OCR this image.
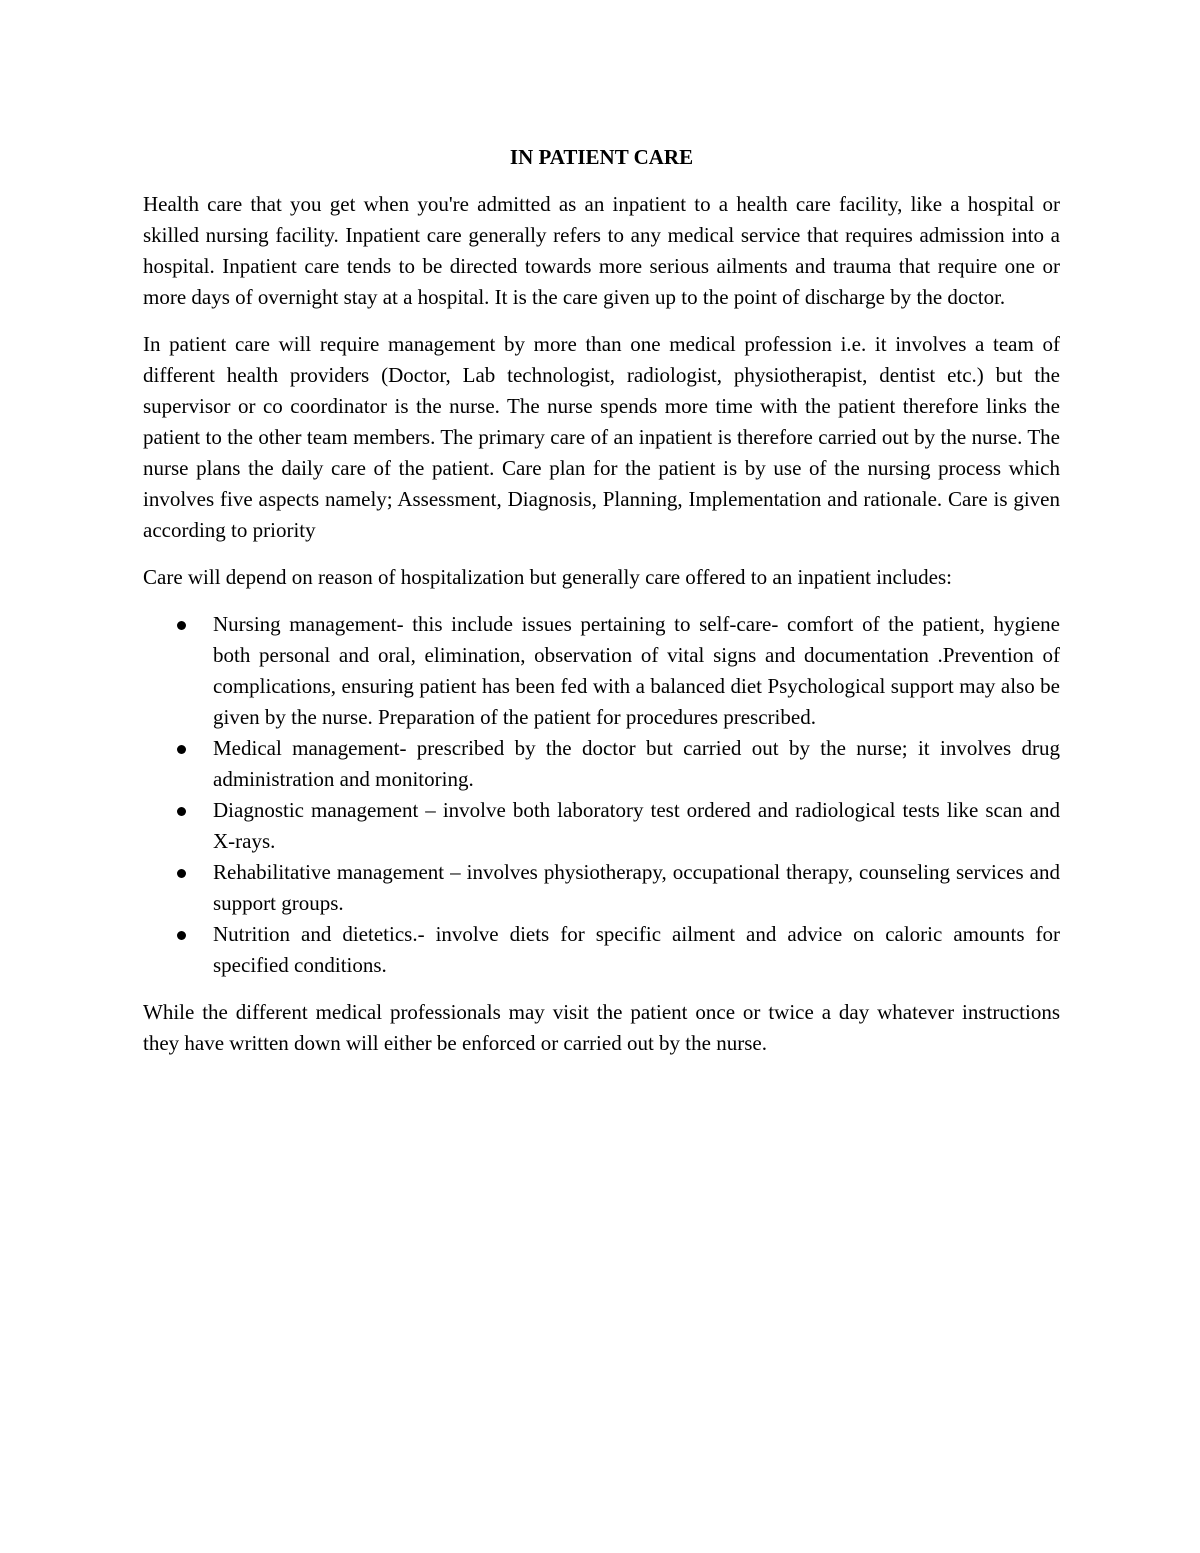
IN PATIENT CARE

Health care that you get when you're admitted as an inpatient to a health care facility, like a hospital or skilled nursing facility. Inpatient care generally refers to any medical service that requires admission into a hospital. Inpatient care tends to be directed towards more serious ailments and trauma that require one or more days of overnight stay at a hospital. It is the care given up to the point of discharge by the doctor.

In patient care will require management by more than one medical profession i.e. it involves a team of different health providers (Doctor, Lab technologist, radiologist, physiotherapist, dentist etc.) but the supervisor or co coordinator is the nurse. The nurse spends more time with the patient therefore links the patient to the other team members. The primary care of an inpatient is therefore carried out by the nurse. The nurse plans the daily care of the patient. Care plan for the patient is by use of the nursing process which involves five aspects namely; Assessment, Diagnosis, Planning, Implementation and rationale. Care is given according to priority

Care will depend on reason of hospitalization but generally care offered to an inpatient includes:

Nursing management- this include issues pertaining to self-care- comfort of the patient, hygiene both personal and oral, elimination, observation of vital signs and documentation .Prevention of complications, ensuring patient has been fed with a balanced diet Psychological support may also be given by the nurse. Preparation of the patient for procedures prescribed.
Medical management- prescribed by the doctor but carried out by the nurse; it involves drug administration and monitoring.
Diagnostic management – involve both laboratory test ordered and radiological tests like scan and X-rays.
Rehabilitative management – involves physiotherapy, occupational therapy, counseling services and support groups.
Nutrition and dietetics.- involve diets for specific ailment and advice on caloric amounts for specified conditions.

While the different medical professionals may visit the patient once or twice a day whatever instructions they have written down will either be enforced or carried out by the nurse.
